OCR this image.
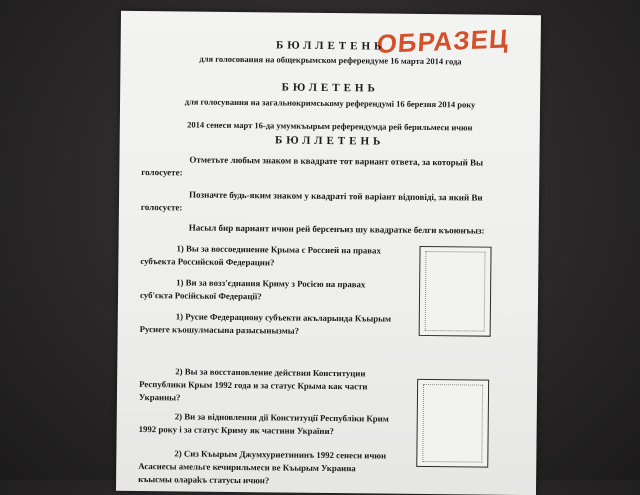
ОБРАЗЕЦ
БЮЛЛЕТЕНЬ
для голосования на общекрымском референдуме 16 марта 2014 года
БЮЛЕТЕНЬ
для голосування на загальнокримському референдумі 16 березня 2014 року
2014 сенеси март 16-да умумкъырым референдумда рей берильмеси ичюн
БЮЛЛЕТЕНЬ
Отметьте любым знаком в квадрате тот вариант ответа, за который Вы голосуете:
Позначте будь-яким знаком у квадраті той варіант відповіді, за який Ви голосуєте:
Насыл бир вариант ичюн рей берсенъиз шу квадратке белги къоюнъыз:
1) Вы за воссоединение Крыма с Россией на правах субъекта Российской Федерации?
1) Ви за возз'єднання Криму з Росією на правах суб'єкта Російської Федерації?
1) Русие Федерациону субъекти акъларында Къырым Русиеге къошулмасына разысынызмы?
2) Вы за восстановление действия Конституции Республики Крым 1992 года и за статус Крыма как части Украины?
2) Ви за відновлення дії Конституції Республіки Крим 1992 року і за статус Криму як частини України?
2) Сиз Къырым Джумхуриетининъ 1992 сенеси ичюн Асасиесы амельге кечирильмеси ве Къырым Украина къысмы олараkъ статусы ичюн?
